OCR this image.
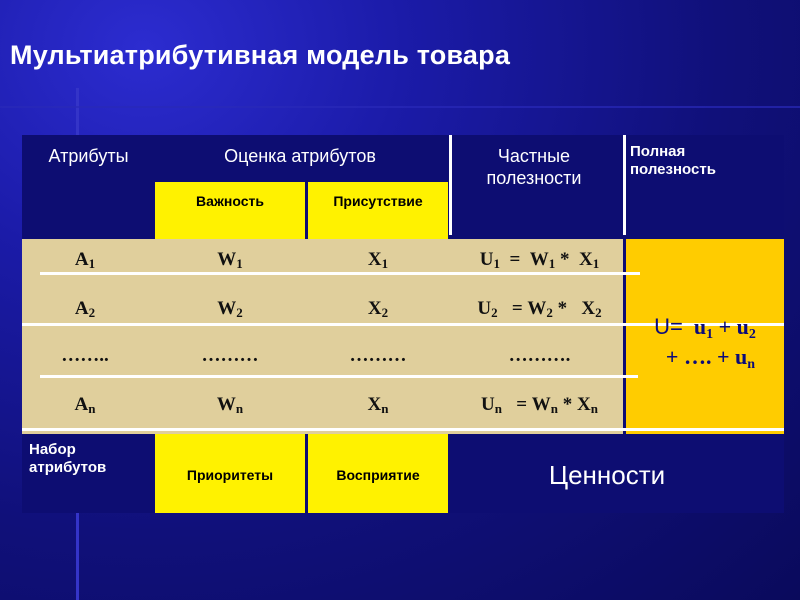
Мультиатрибутивная модель товара
Атрибуты	Оценка атрибутов	Частные полезности
Полная полезность
Важность	Присутствие
Набор атрибутов	Приоритеты	Восприятие	Ценности
$A_1$	$W_1$	$X_1$	$U_1 = W_1 * X_1$
$A_2$	$W_2$	$X_2$	$U_2 = W_2 * X_2$
……..	………	………	……….
$A_n$	$W_n$	$X_n$	$U_n = W_n * X_n$
$U= u_1 + u_2$
+ …. + $u_n$
